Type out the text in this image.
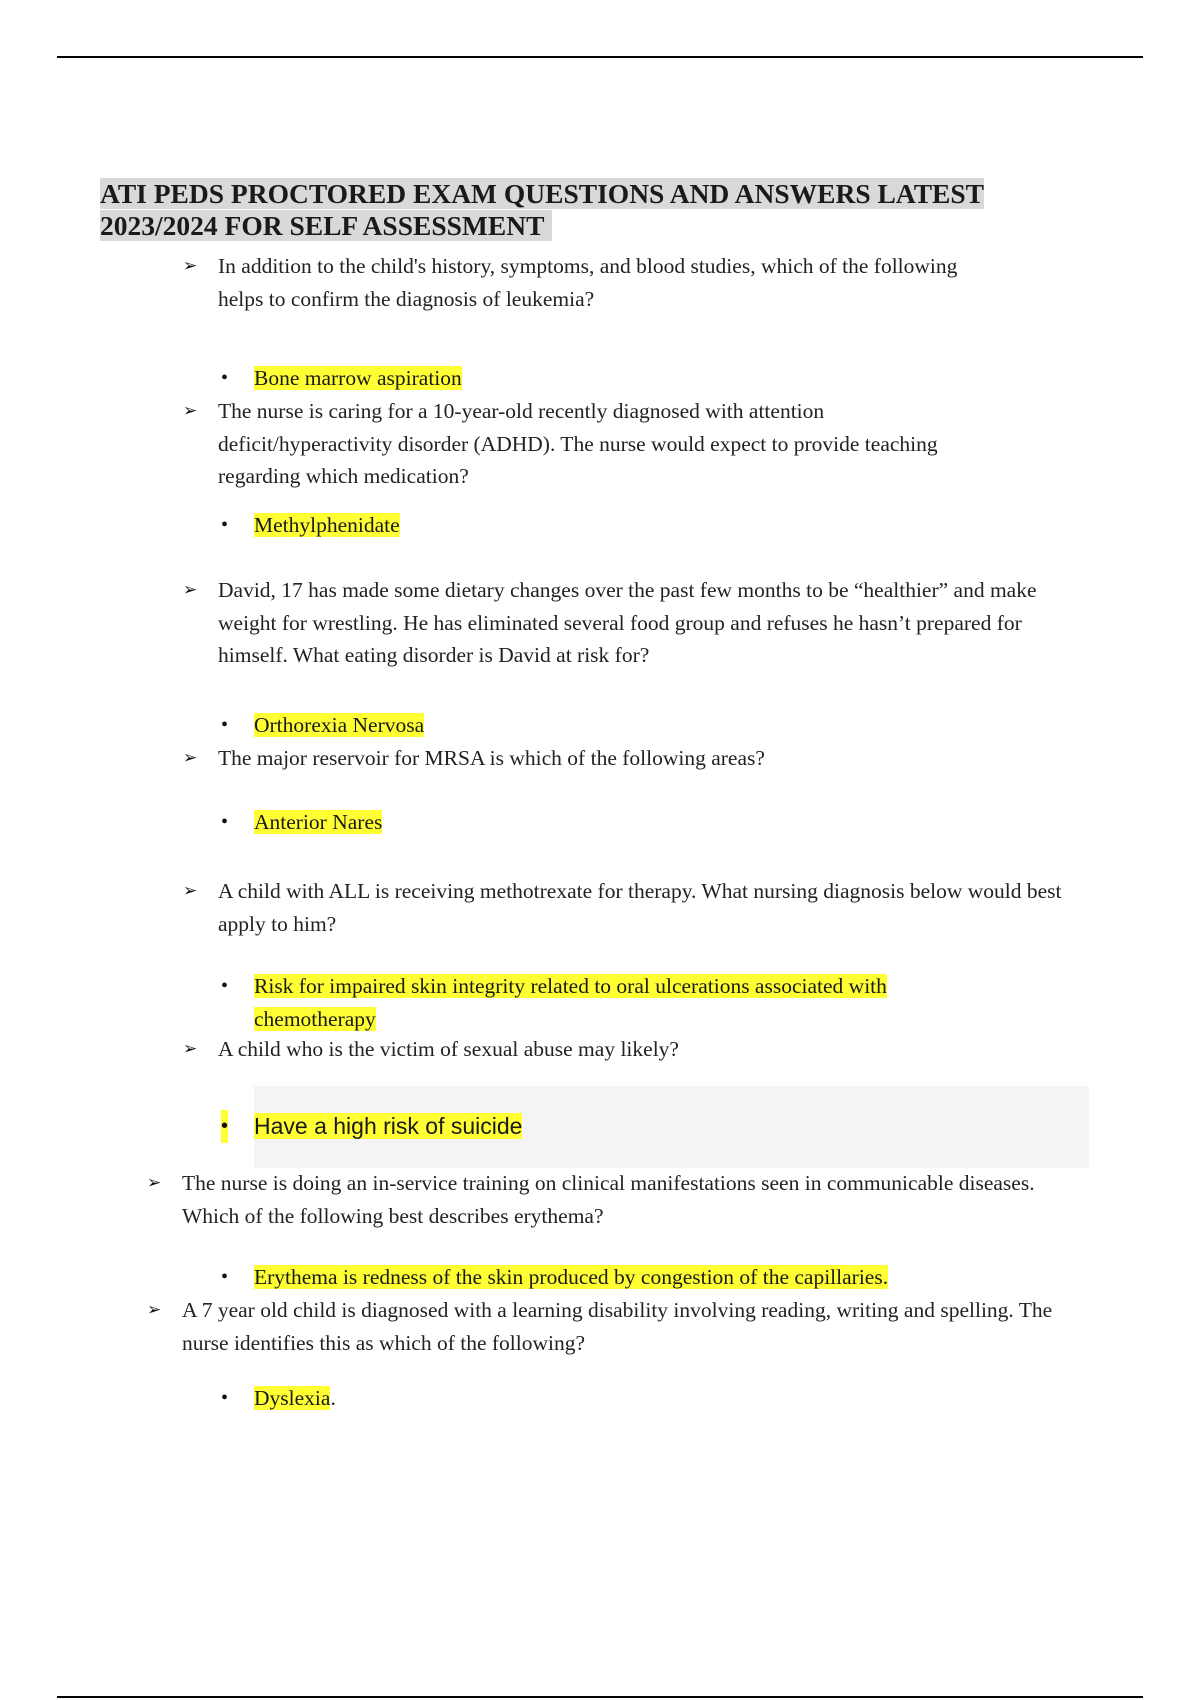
ATI PEDS PROCTORED EXAM QUESTIONS AND ANSWERS LATEST 2023/2024 FOR SELF ASSESSMENT
➢ In addition to the child's history, symptoms, and blood studies, which of the following helps to confirm the diagnosis of leukemia?
• Bone marrow aspiration
➢ The nurse is caring for a 10-year-old recently diagnosed with attention deficit/hyperactivity disorder (ADHD). The nurse would expect to provide teaching regarding which medication?
• Methylphenidate
➢ David, 17 has made some dietary changes over the past few months to be “healthier” and make weight for wrestling. He has eliminated several food group and refuses he hasn’t prepared for himself. What eating disorder is David at risk for?
• Orthorexia Nervosa
➢ The major reservoir for MRSA is which of the following areas?
• Anterior Nares
➢ A child with ALL is receiving methotrexate for therapy. What nursing diagnosis below would best apply to him?
• Risk for impaired skin integrity related to oral ulcerations associated with chemotherapy
➢ A child who is the victim of sexual abuse may likely?
• Have a high risk of suicide
➢ The nurse is doing an in-service training on clinical manifestations seen in communicable diseases. Which of the following best describes erythema?
• Erythema is redness of the skin produced by congestion of the capillaries.
➢ A 7 year old child is diagnosed with a learning disability involving reading, writing and spelling. The nurse identifies this as which of the following?
• Dyslexia.
